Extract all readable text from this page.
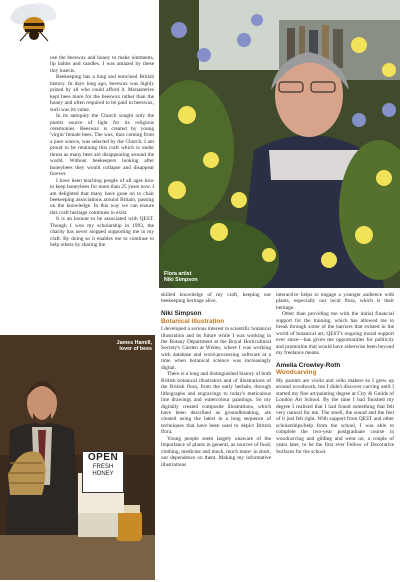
Flora artist
Niki Simpson
James Hamill,
lover of bees
OPEN
FRESH
HONEY

use the beeswax and honey to make ointments, lip balms and candles. I was amazed by these tiny insects.

Beekeeping has a long and entwined British history. In days long ago, beeswax was highly prized by all who could afford it. Monasteries kept bees more for the beeswax rather than the honey and often required to be paid in beeswax, such was its value.

In its antiquity the Church sought only the purest source of light for its religious ceremonies. Beeswax is created by young 'virgin' female bees. The wax, thus coming from a pure source, was selected by the Church. I am proud to be retaining this craft which is under threat as many bees are disappearing around the world. Without beekeepers looking after honeybees they would collapse and disappear forever.

I have been teaching people of all ages how to keep honeybees for more than 25 years now. I am delighted that many have gone on to chair beekeeping associations around Britain, passing on the knowledge. In this way we can ensure this craft heritage continues to exist.

It is an honour to be associated with QEST. Though I won my scholarship in 1993, the charity has never stopped supporting me in my craft. By doing so it enables me to continue to help others by sharing the

skilled knowledge of my craft, keeping our beekeeping heritage alive.

Niki Simpson
Botanical illustration

I developed a serious interest in scientific botanical illustration and its future while I was working in the Botany Department at the Royal Horticultural Society's Garden at Wisley, where I was working with database and word-processing software at a time when botanical science was increasingly digital.

There is a long and distinguished history of both British botanical illustrators and of illustrations of the British flora, from the early herbals, through lithographs and engravings to today's meticulous line drawings and watercolour paintings. So my digitally created composite illustrations, which have been described as groundbreaking, are created using the latest in a long sequence of techniques that have been used to depict British flora.

Young people seem largely unaware of the importance of plants in general, as sources of food, clothing, medicine and much, much more: in short, our dependence on them. Making my informative illustrations

interactive helps to engage a younger audience with plants, especially our local flora, which is their heritage.

Other than providing me with the initial financial support for the training, which has allowed me to break through some of the barriers that existed in the world of botanical art, QEST's ongoing moral support ever since—has given me opportunities for publicity and promotion that would have otherwise been beyond my freelance means.

Amelia Crowley-Roth
Woodcarving

My parents are violin and cello makers so I grew up around woodwork, but I didn't discover carving until I started my fine art/painting degree at City & Guilds of London Art School. By the time I had finished my degree I realised that I had found something that felt very natural for me. The smell, the sound and the feel of it just felt right. With support from QEST and other scholarships/help from the school, I was able to complete the two-year postgraduate course in woodcarving and gilding and went on, a couple of years later, to be the first ever Fellow of Decorative Surfaces for the school.
